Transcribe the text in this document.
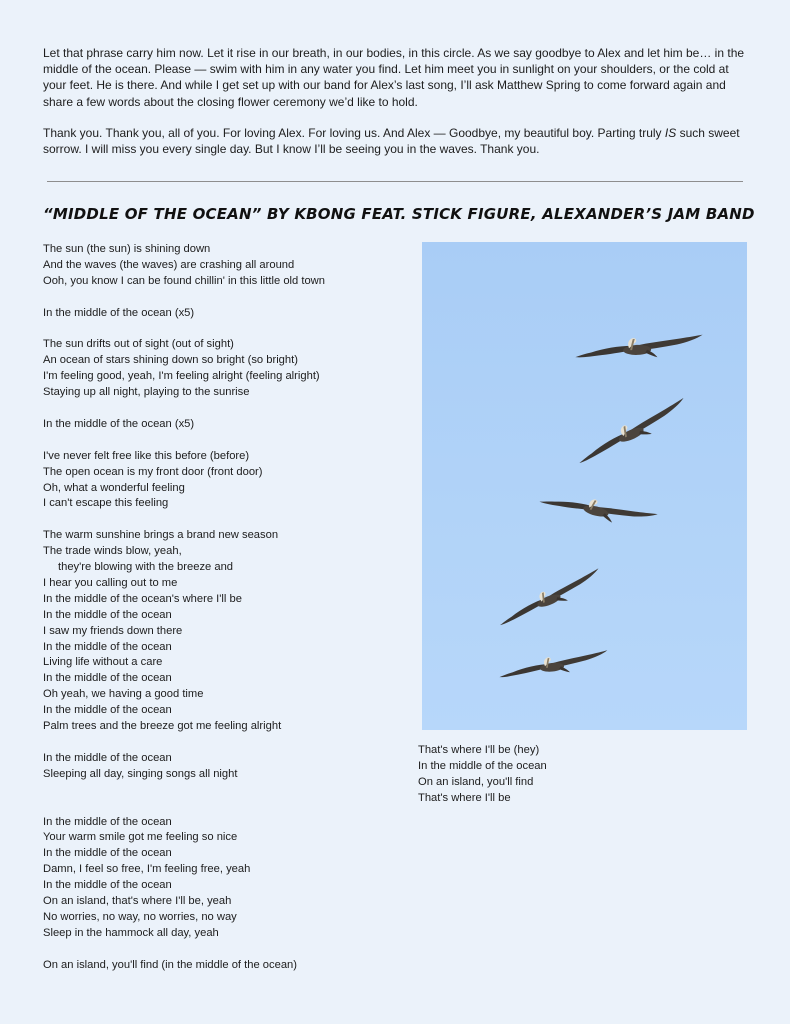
Let that phrase carry him now. Let it rise in our breath, in our bodies, in this circle. As we say goodbye to Alex and let him be… in the middle of the ocean. Please — swim with him in any water you find. Let him meet you in sunlight on your shoulders, or the cold at your feet. He is there. And while I get set up with our band for Alex’s last song, I’ll ask Matthew Spring to come forward again and share a few words about the closing flower ceremony we’d like to hold.

Thank you. Thank you, all of you. For loving Alex. For loving us. And Alex — Goodbye, my beautiful boy. Parting truly IS such sweet sorrow. I will miss you every single day. But I know I’ll be seeing you in the waves. Thank you.

“MIDDLE OF THE OCEAN” BY KBONG FEAT. STICK FIGURE, ALEXANDER’S JAM BAND
The sun (the sun) is shining down
And the waves (the waves) are crashing all around
Ooh, you know I can be found chillin' in this little old town
In the middle of the ocean (x5)
The sun drifts out of sight (out of sight)
An ocean of stars shining down so bright (so bright)
I'm feeling good, yeah, I'm feeling alright (feeling alright)
Staying up all night, playing to the sunrise
In the middle of the ocean (x5)
I've never felt free like this before (before)
The open ocean is my front door (front door)
Oh, what a wonderful feeling
I can't escape this feeling
The warm sunshine brings a brand new season
The trade winds blow, yeah,
they're blowing with the breeze and
I hear you calling out to me
In the middle of the ocean's where I'll be
In the middle of the ocean
I saw my friends down there
In the middle of the ocean
Living life without a care
In the middle of the ocean
Oh yeah, we having a good time
In the middle of the ocean
Palm trees and the breeze got me feeling alright
In the middle of the ocean
Sleeping all day, singing songs all night
In the middle of the ocean
Your warm smile got me feeling so nice
In the middle of the ocean
Damn, I feel so free, I'm feeling free, yeah
In the middle of the ocean
On an island, that's where I'll be, yeah
No worries, no way, no worries, no way
Sleep in the hammock all day, yeah
On an island, you'll find (in the middle of the ocean)
That's where I'll be (hey)
In the middle of the ocean
On an island, you'll find
That's where I'll be
